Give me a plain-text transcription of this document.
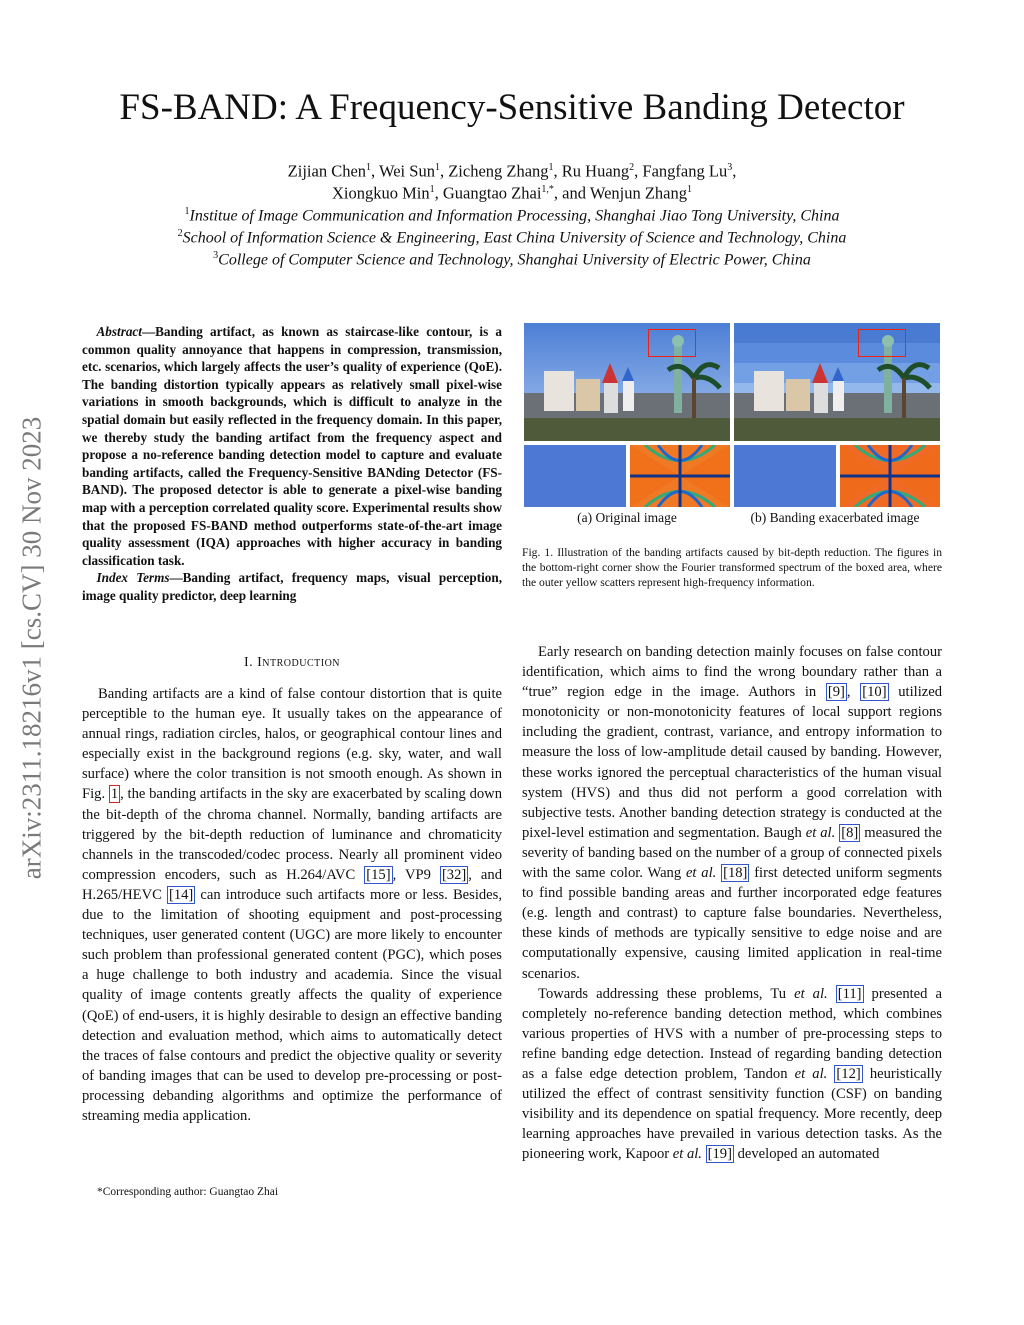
FS-BAND: A Frequency-Sensitive Banding Detector
Zijian Chen$^1$, Wei Sun$^1$, Zicheng Zhang$^1$, Ru Huang$^2$, Fangfang Lu$^3$,
Xiongkuo Min$^1$, Guangtao Zhai$^{1,*}$, and Wenjun Zhang$^1$
$^1$Institue of Image Communication and Information Processing, Shanghai Jiao Tong University, China
$^2$School of Information Science & Engineering, East China University of Science and Technology, China
$^3$College of Computer Science and Technology, Shanghai University of Electric Power, China
arXiv:2311.18216v1 [cs.CV] 30 Nov 2023

Abstract—Banding artifact, as known as staircase-like contour, is a common quality annoyance that happens in compression, transmission, etc. scenarios, which largely affects the user’s quality of experience (QoE). The banding distortion typically appears as relatively small pixel-wise variations in smooth backgrounds, which is difficult to analyze in the spatial domain but easily reflected in the frequency domain. In this paper, we thereby study the banding artifact from the frequency aspect and propose a no-reference banding detection model to capture and evaluate banding artifacts, called the Frequency-Sensitive BANding Detector (FS-BAND). The proposed detector is able to generate a pixel-wise banding map with a perception correlated quality score. Experimental results show that the proposed FS-BAND method outperforms state-of-the-art image quality assessment (IQA) approaches with higher accuracy in banding classification task.

Index Terms—Banding artifact, frequency maps, visual perception, image quality predictor, deep learning

I. Introduction

Banding artifacts are a kind of false contour distortion that is quite perceptible to the human eye. It usually takes on the appearance of annual rings, radiation circles, halos, or geographical contour lines and especially exist in the background regions (e.g. sky, water, and wall surface) where the color transition is not smooth enough. As shown in Fig. 1 , the banding artifacts in the sky are exacerbated by scaling down the bit-depth of the chroma channel. Normally, banding artifacts are triggered by the bit-depth reduction of luminance and chromaticity channels in the transcoded/codec process. Nearly all prominent video compression encoders, such as H.264/AVC [15] , VP9 [32] , and H.265/HEVC [14] can introduce such artifacts more or less. Besides, due to the limitation of shooting equipment and post-processing techniques, user generated content (UGC) are more likely to encounter such problem than professional generated content (PGC), which poses a huge challenge to both industry and academia. Since the visual quality of image contents greatly affects the quality of experience (QoE) of end-users, it is highly desirable to design an effective banding detection and evaluation method, which aims to automatically detect the traces of false contours and predict the objective quality or severity of banding images that can be used to develop pre-processing or post-processing debanding algorithms and optimize the performance of streaming media application.

*Corresponding author: Guangtao Zhai
(a) Original image	(b) Banding exacerbated image
Fig. 1. Illustration of the banding artifacts caused by bit-depth reduction. The figures in the bottom-right corner show the Fourier transformed spectrum of the boxed area, where the outer yellow scatters represent high-frequency information.

Early research on banding detection mainly focuses on false contour identification, which aims to find the wrong boundary rather than a “true” region edge in the image. Authors in [9] , [10] utilized monotonicity or non-monotonicity features of local support regions including the gradient, contrast, variance, and entropy information to measure the loss of low-amplitude detail caused by banding. However, these works ignored the perceptual characteristics of the human visual system (HVS) and thus did not perform a good correlation with subjective tests. Another banding detection strategy is conducted at the pixel-level estimation and segmentation. Baugh et al. [8] measured the severity of banding based on the number of a group of connected pixels with the same color. Wang et al. [18] first detected uniform segments to find possible banding areas and further incorporated edge features (e.g. length and contrast) to capture false boundaries. Nevertheless, these kinds of methods are typically sensitive to edge noise and are computationally expensive, causing limited application in real-time scenarios.

Towards addressing these problems, Tu et al. [11] presented a completely no-reference banding detection method, which combines various properties of HVS with a number of pre-processing steps to refine banding edge detection. Instead of regarding banding detection as a false edge detection problem, Tandon et al. [12] heuristically utilized the effect of contrast sensitivity function (CSF) on banding visibility and its dependence on spatial frequency. More recently, deep learning approaches have prevailed in various detection tasks. As the pioneering work, Kapoor et al. [19] developed an automated
